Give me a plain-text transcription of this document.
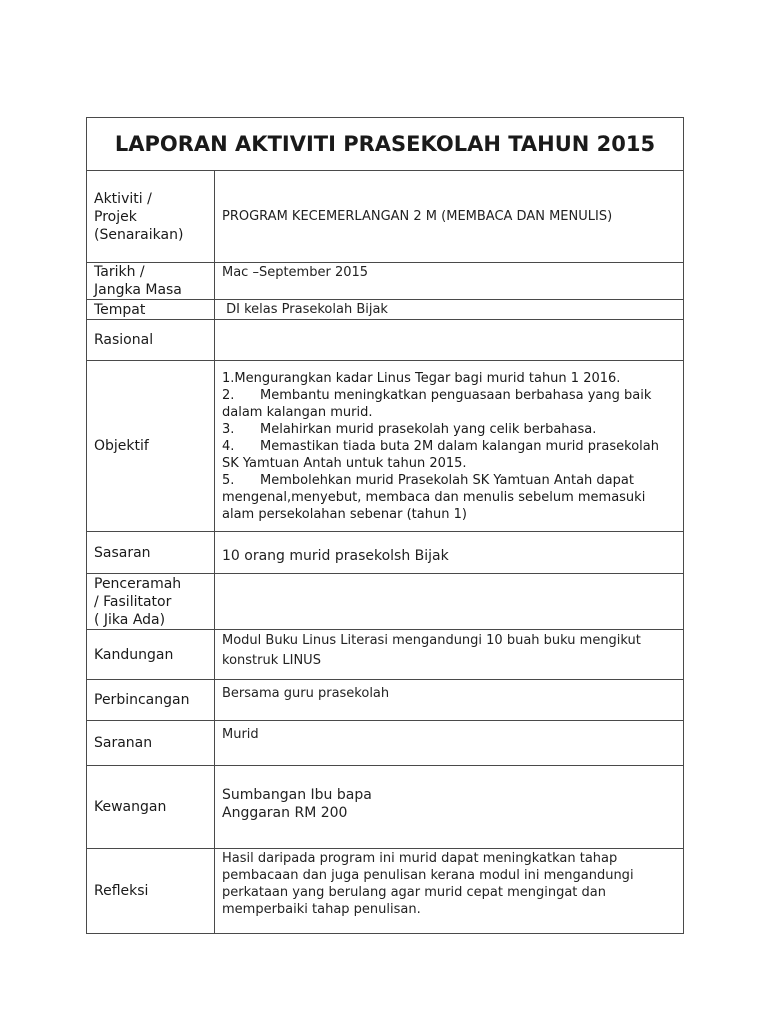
LAPORAN AKTIVITI PRASEKOLAH TAHUN 2015	

Aktiviti /
Projek
(Senaraikan)	PROGRAM KECEMERLANGAN 2 M (MEMBACA DAN MENULIS)

Tarikh /
Jangka Masa	Mac –September 2015

Tempat	DI kelas Prasekolah Bijak

Rasional	

Objektif	1.Mengurangkan kadar Linus Tegar bagi murid tahun 1 2016.
2. Membantu meningkatkan penguasaan berbahasa yang baik dalam kalangan murid.
3. Melahirkan murid prasekolah yang celik berbahasa.
4. Memastikan tiada buta 2M dalam kalangan murid prasekolah SK Yamtuan Antah untuk tahun 2015.
5. Membolehkan murid Prasekolah SK Yamtuan Antah dapat mengenal,menyebut, membaca dan menulis sebelum memasuki alam persekolahan sebenar (tahun 1)

Sasaran	10 orang murid prasekolsh Bijak

Penceramah
/ Fasilitator
( Jika Ada)	

Kandungan	Modul Buku Linus Literasi mengandungi 10 buah buku mengikut konstruk LINUS

Perbincangan	Bersama guru prasekolah

Saranan	Murid

Kewangan	Sumbangan Ibu bapa
Anggaran RM 200

Refleksi	Hasil daripada program ini murid dapat meningkatkan tahap pembacaan dan juga penulisan kerana modul ini mengandungi perkataan yang berulang agar murid cepat mengingat dan memperbaiki tahap penulisan.
